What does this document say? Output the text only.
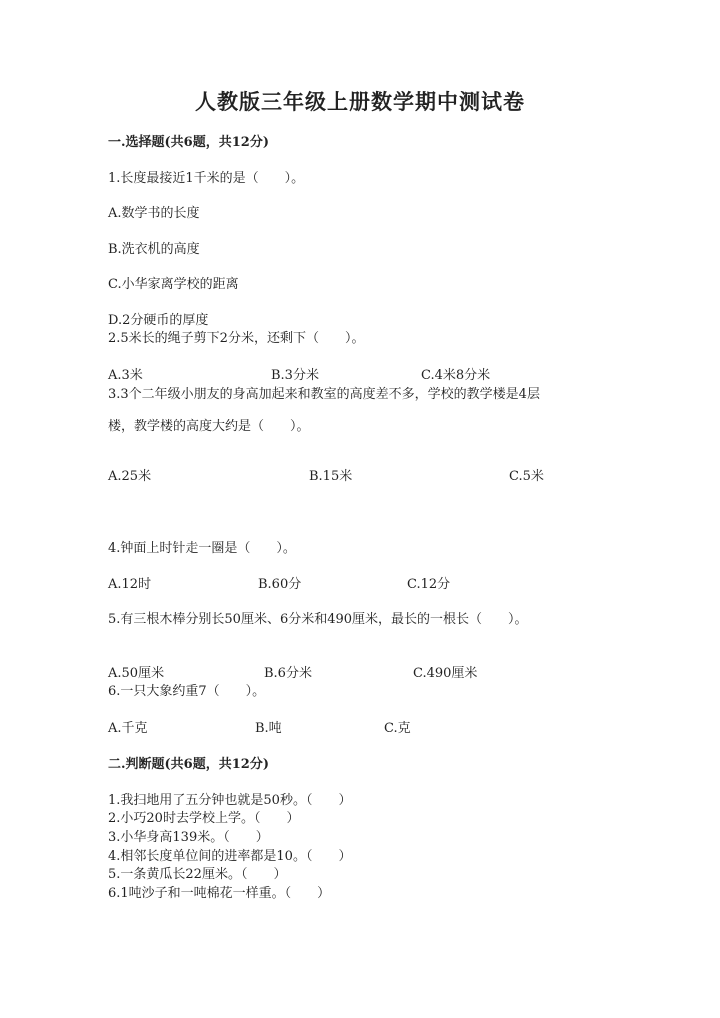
人教版三年级上册数学期中测试卷
一.选择题(共6题，共12分)
1.长度最接近1千米的是（　　）。
A.数学书的长度
B.洗衣机的高度
C.小华家离学校的距离
D.2分硬币的厚度
2.5米长的绳子剪下2分米，还剩下（　　）。
A.3米	B.3分米	C.4米8分米
3.3个二年级小朋友的身高加起来和教室的高度差不多，学校的教学楼是4层
楼，教学楼的高度大约是（　　）。
A.25米	B.15米	C.5米
4.钟面上时针走一圈是（　　）。
A.12时	B.60分	C.12分
5.有三根木棒分别长50厘米、6分米和490厘米，最长的一根长（　　）。
A.50厘米	B.6分米	C.490厘米
6.一只大象约重7（　　）。
A.千克	B.吨	C.克
二.判断题(共6题，共12分)
1.我扫地用了五分钟也就是50秒。（　　）
2.小巧20时去学校上学。（　　）
3.小华身高139米。（　　）
4.相邻长度单位间的进率都是10。（　　）
5.一条黄瓜长22厘米。（　　）
6.1吨沙子和一吨棉花一样重。（　　）
